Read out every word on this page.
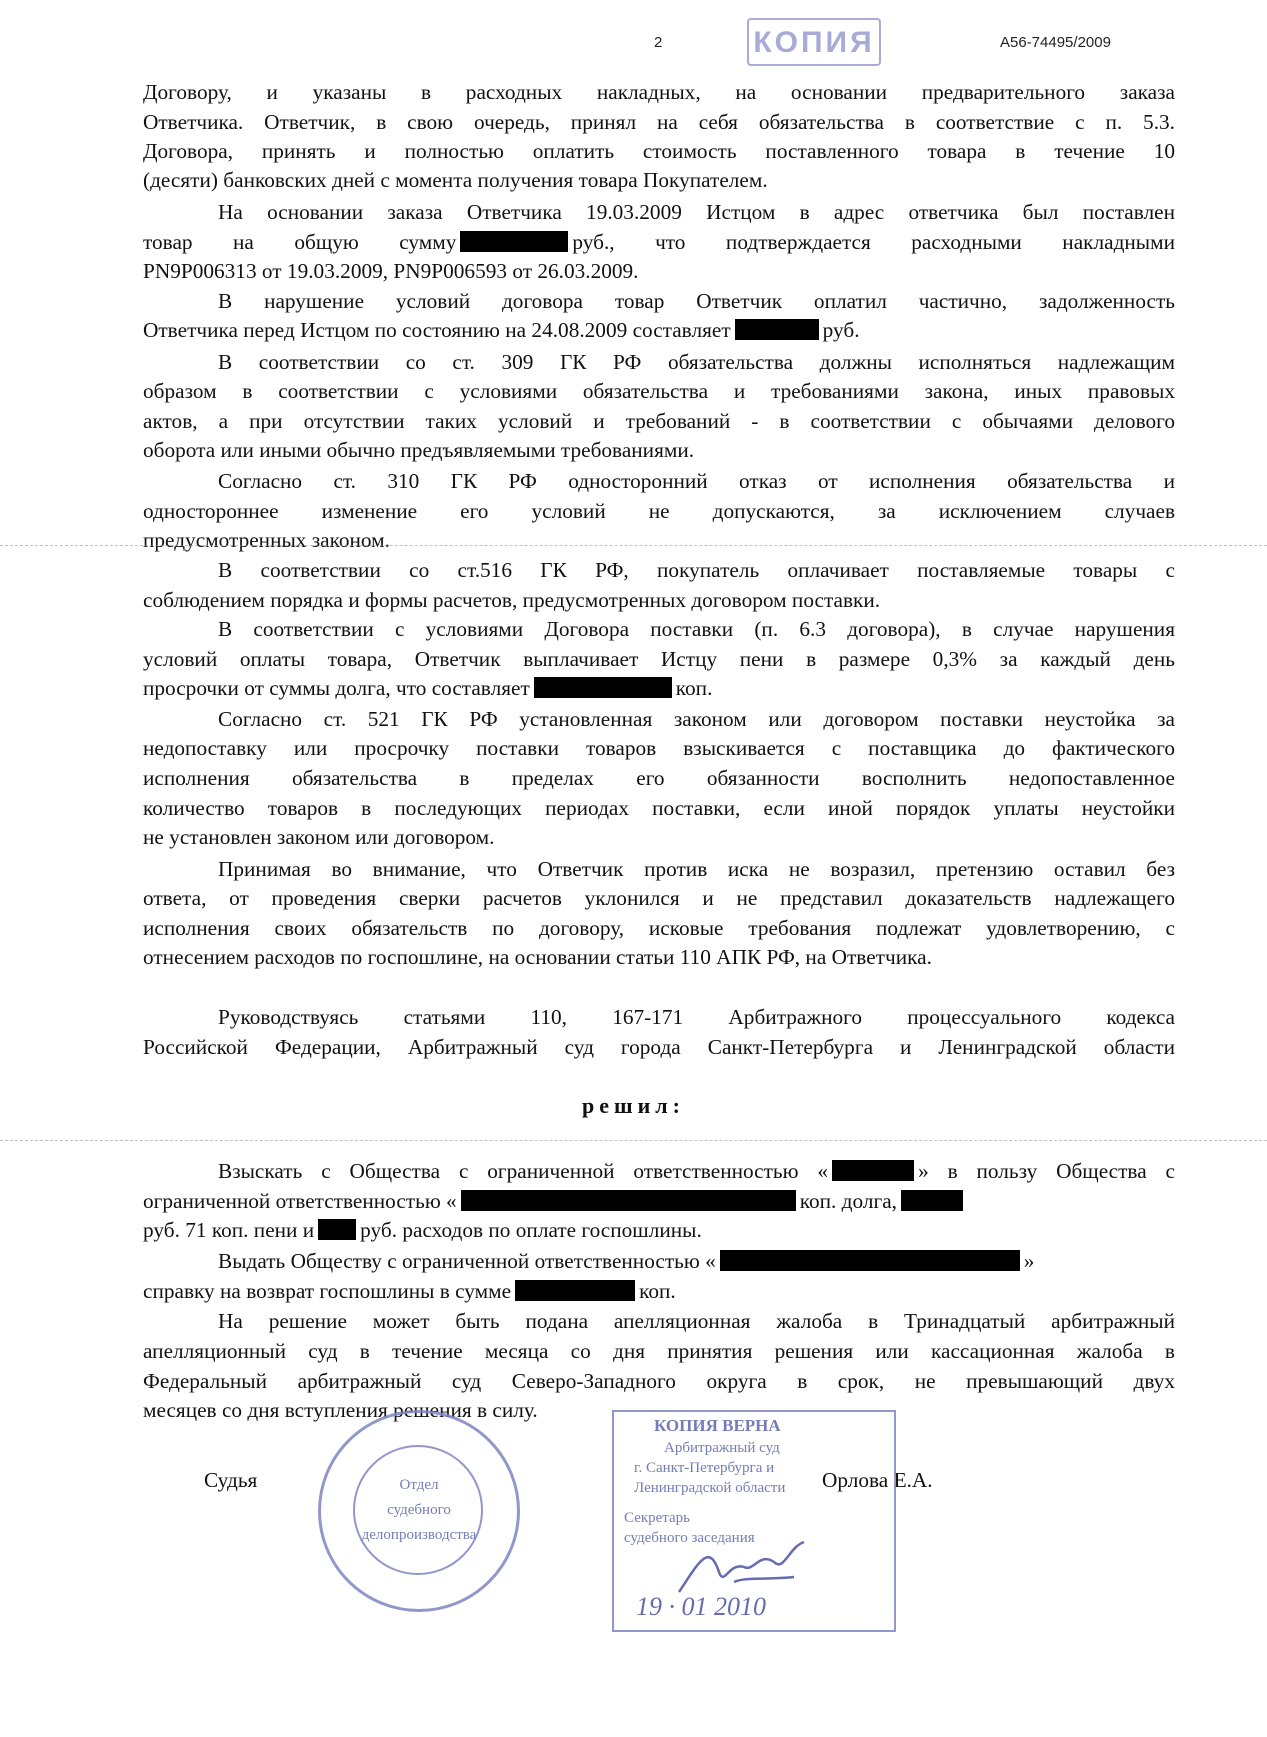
2	А56-74495/2009
КОПИЯ
Договору, и указаны в расходных накладных, на основании предварительного заказа
Ответчика. Ответчик, в свою очередь, принял на себя обязательства в соответствие с п. 5.3.
Договора, принять и полностью оплатить стоимость поставленного товара в течение 10
(десяти) банковских дней с момента получения товара Покупателем.
На основании заказа Ответчика 19.03.2009 Истцом в адрес ответчика был поставлен
товар на общую сумму	руб., что подтверждается расходными накладными
PN9P006313 от 19.03.2009, PN9P006593 от 26.03.2009.
В нарушение условий договора товар Ответчик оплатил частично, задолженность
Ответчика перед Истцом по состоянию на 24.08.2009 составляет	руб.
В соответствии со ст. 309 ГК РФ обязательства должны исполняться надлежащим
образом в соответствии с условиями обязательства и требованиями закона, иных правовых
актов, а при отсутствии таких условий и требований - в соответствии с обычаями делового
оборота или иными обычно предъявляемыми требованиями.
Согласно ст. 310 ГК РФ односторонний отказ от исполнения обязательства и
одностороннее изменение его условий не допускаются, за исключением случаев
предусмотренных законом.
В соответствии со ст.516 ГК РФ, покупатель оплачивает поставляемые товары с
соблюдением порядка и формы расчетов, предусмотренных договором поставки.
В соответствии с условиями Договора поставки (п. 6.3 договора), в случае нарушения
условий оплаты товара, Ответчик выплачивает Истцу пени в размере 0,3% за каждый день
просрочки от суммы долга, что составляет	коп.
Согласно ст. 521 ГК РФ установленная законом или договором поставки неустойка за
недопоставку или просрочку поставки товаров взыскивается с поставщика до фактического
исполнения обязательства в пределах его обязанности восполнить недопоставленное
количество товаров в последующих периодах поставки, если иной порядок уплаты неустойки
не установлен законом или договором.
Принимая во внимание, что Ответчик против иска не возразил, претензию оставил без
ответа, от проведения сверки расчетов уклонился и не представил доказательств надлежащего
исполнения своих обязательств по договору, исковые требования подлежат удовлетворению, с
отнесением расходов по госпошлине, на основании статьи 110 АПК РФ, на Ответчика.
Руководствуясь статьями 110, 167-171 Арбитражного процессуального кодекса
Российской Федерации, Арбитражный суд города Санкт-Петербурга и Ленинградской области
решил:
Взыскать с Общества с ограниченной ответственностью «	» в пользу Общества с
ограниченной ответственностью «	коп. долга,
руб. 71 коп. пени и руб. расходов по оплате госпошлины.
Выдать Обществу с ограниченной ответственностью «	»
справку на возврат госпошлины в сумме	коп.
На решение может быть подана апелляционная жалоба в Тринадцатый арбитражный
апелляционный суд в течение месяца со дня принятия решения или кассационная жалоба в
Федеральный арбитражный суд Северо-Западного округа в срок, не превышающий двух
месяцев со дня вступления решения в силу.
Судья	Орлова Е.А.
Отдел
судебного
делопроизводства
КОПИЯ ВЕРНА
Арбитражный суд
г. Санкт-Петербурга и
Ленинградской области
Секретарь
судебного заседания
19 · 01 2010
